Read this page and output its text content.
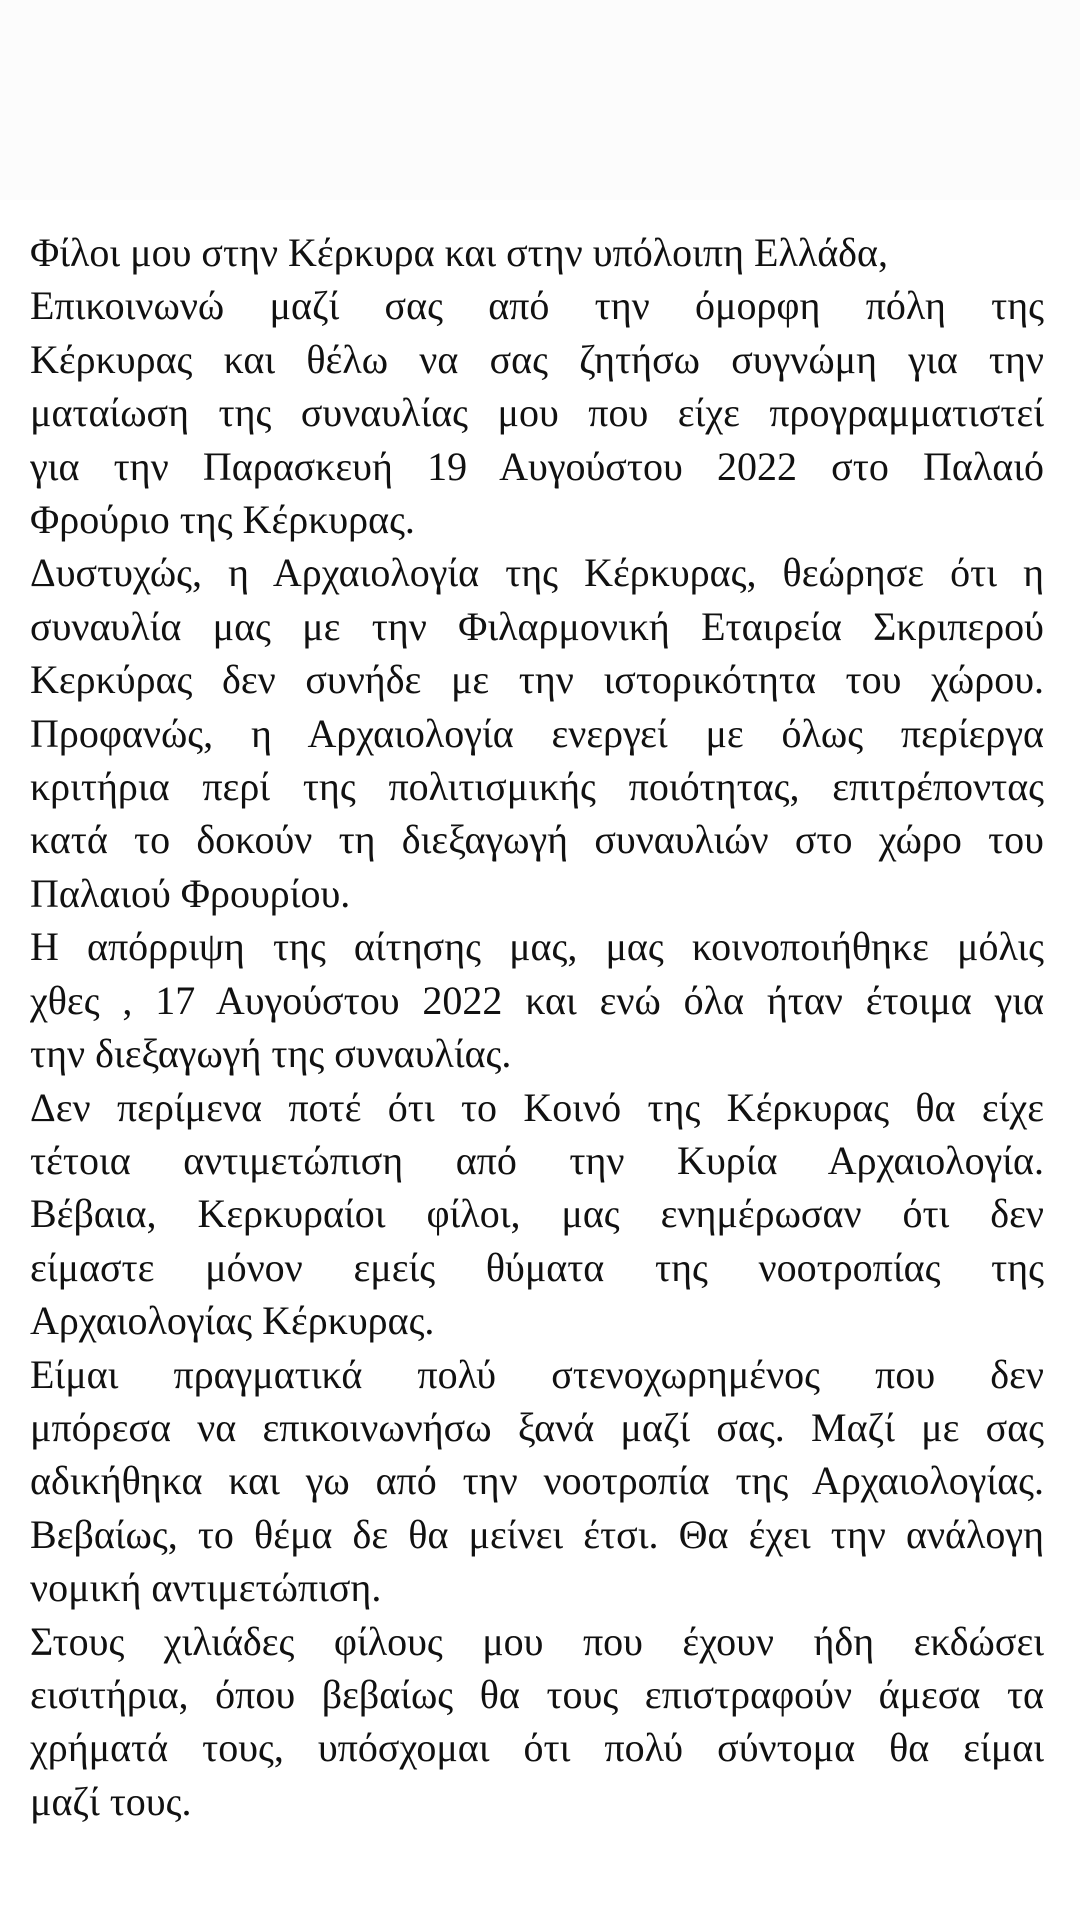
Φίλοι μου στην Κέρκυρα και στην υπόλοιπη Ελλάδα,
Επικοινωνώ μαζί σας από την όμορφη πόλη της
Κέρκυρας και θέλω να σας ζητήσω συγνώμη για την
ματαίωση της συναυλίας μου που είχε προγραμματιστεί
για την Παρασκευή 19 Αυγούστου 2022 στο Παλαιό
Φρούριο της Κέρκυρας.
Δυστυχώς, η Αρχαιολογία της Κέρκυρας, θεώρησε ότι η
συναυλία μας με την Φιλαρμονική Εταιρεία Σκριπερού
Κερκύρας δεν συνήδε με την ιστορικότητα του χώρου.
Προφανώς, η Αρχαιολογία ενεργεί με όλως περίεργα
κριτήρια περί της πολιτισμικής ποιότητας, επιτρέποντας
κατά το δοκούν τη διεξαγωγή συναυλιών στο χώρο του
Παλαιού Φρουρίου.
Η απόρριψη της αίτησης μας, μας κοινοποιήθηκε μόλις
χθες , 17 Αυγούστου 2022 και ενώ όλα ήταν έτοιμα για
την διεξαγωγή της συναυλίας.
Δεν περίμενα ποτέ ότι το Κοινό της Κέρκυρας θα είχε
τέτοια αντιμετώπιση από την Κυρία Αρχαιολογία.
Βέβαια, Κερκυραίοι φίλοι, μας ενημέρωσαν ότι δεν
είμαστε μόνον εμείς θύματα της νοοτροπίας της
Αρχαιολογίας Κέρκυρας.
Είμαι πραγματικά πολύ στενοχωρημένος που δεν
μπόρεσα να επικοινωνήσω ξανά μαζί σας. Μαζί με σας
αδικήθηκα και γω από την νοοτροπία της Αρχαιολογίας.
Βεβαίως, το θέμα δε θα μείνει έτσι. Θα έχει την ανάλογη
νομική αντιμετώπιση.
Στους χιλιάδες φίλους μου που έχουν ήδη εκδώσει
εισιτήρια, όπου βεβαίως θα τους επιστραφούν άμεσα τα
χρήματά τους, υπόσχομαι ότι πολύ σύντομα θα είμαι
μαζί τους.
